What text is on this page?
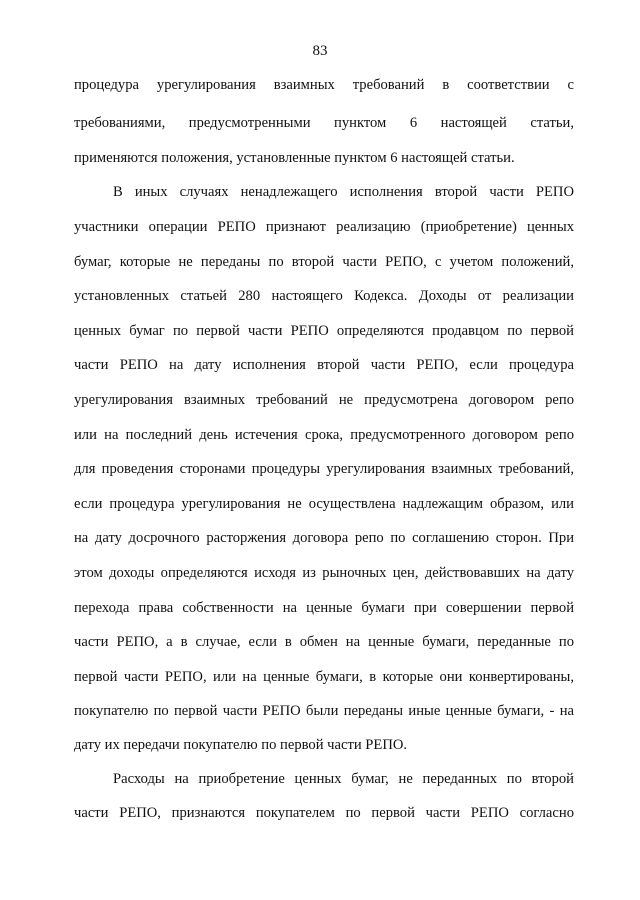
83
процедура урегулирования взаимных требований в соответствии с
требованиями, предусмотренными пунктом 6 настоящей статьи,
применяются положения, установленные пунктом 6 настоящей статьи.
В иных случаях ненадлежащего исполнения второй части РЕПО
участники операции РЕПО признают реализацию (приобретение) ценных
бумаг, которые не переданы по второй части РЕПО, с учетом положений,
установленных статьей 280 настоящего Кодекса. Доходы от реализации
ценных бумаг по первой части РЕПО определяются продавцом по первой
части РЕПО на дату исполнения второй части РЕПО, если процедура
урегулирования взаимных требований не предусмотрена договором репо
или на последний день истечения срока, предусмотренного договором репо
для проведения сторонами процедуры урегулирования взаимных требований,
если процедура урегулирования не осуществлена надлежащим образом, или
на дату досрочного расторжения договора репо по соглашению сторон. При
этом доходы определяются исходя из рыночных цен, действовавших на дату
перехода права собственности на ценные бумаги при совершении первой
части РЕПО, а в случае, если в обмен на ценные бумаги, переданные по
первой части РЕПО, или на ценные бумаги, в которые они конвертированы,
покупателю по первой части РЕПО были переданы иные ценные бумаги, - на
дату их передачи покупателю по первой части РЕПО.
Расходы на приобретение ценных бумаг, не переданных по второй
части РЕПО, признаются покупателем по первой части РЕПО согласно
